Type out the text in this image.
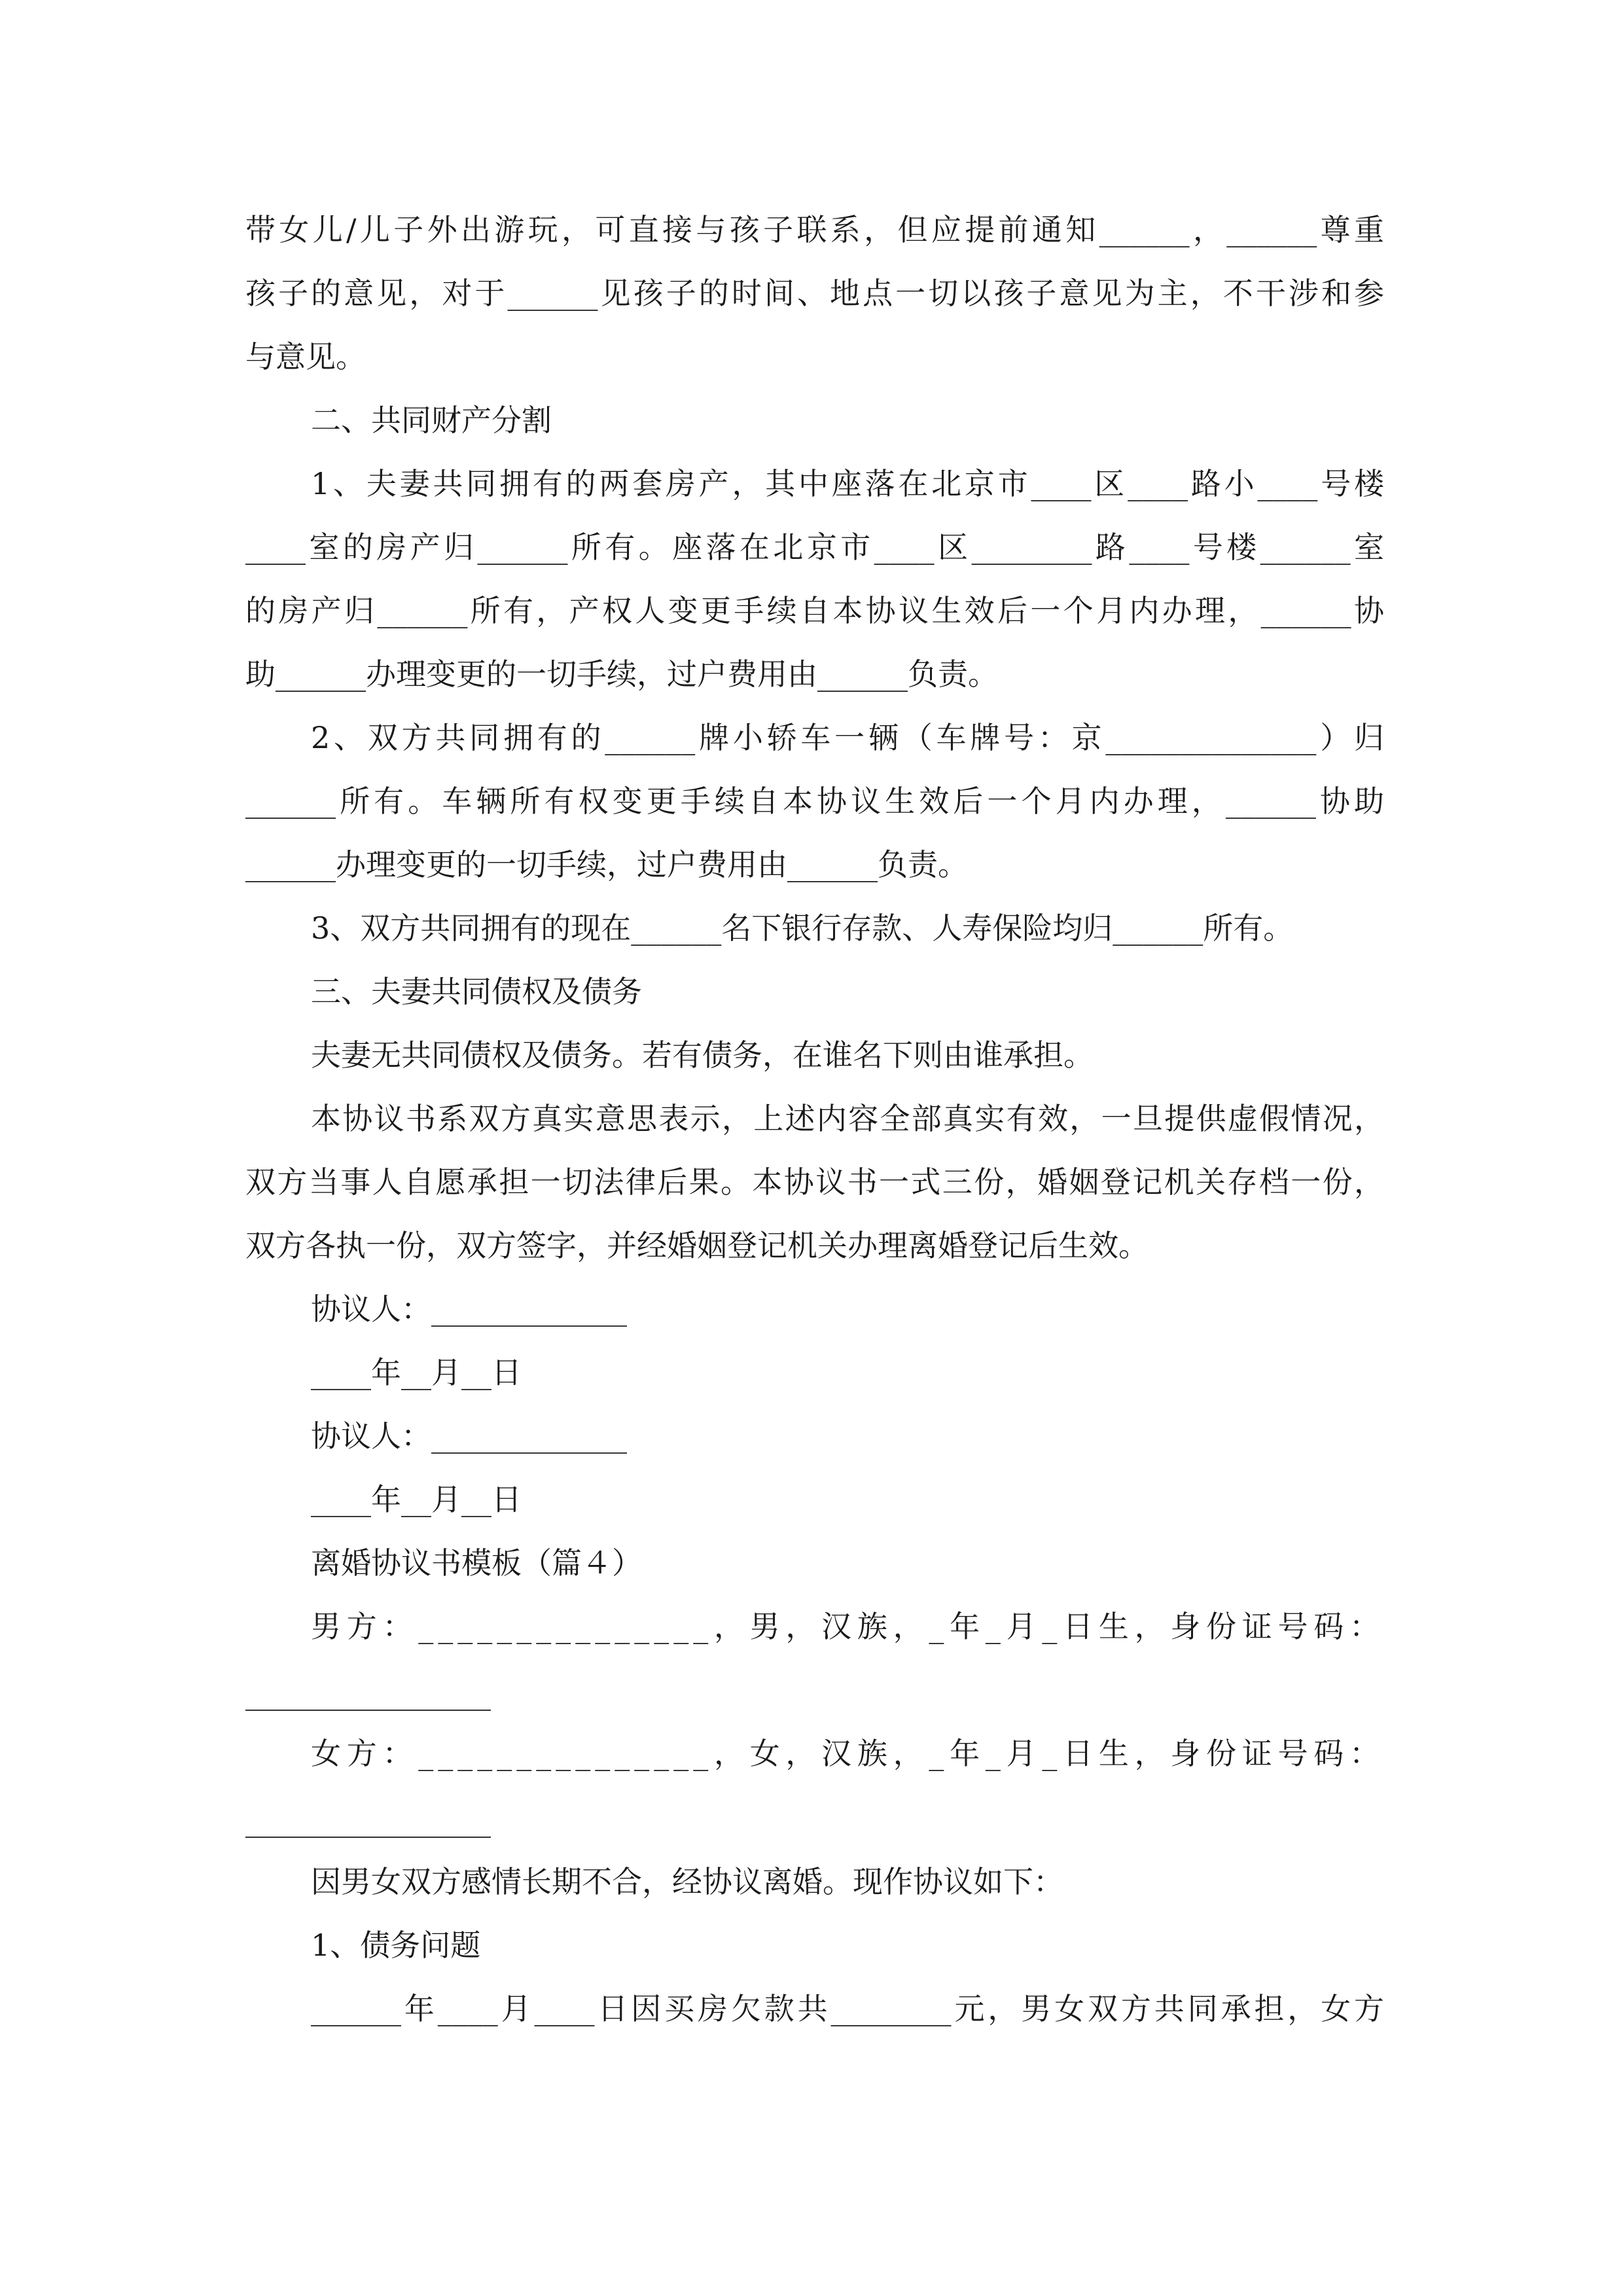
带女儿/儿子外出游玩，可直接与孩子联系，但应提前通知______，______尊重
孩子的意见，对于______见孩子的时间、地点一切以孩子意见为主，不干涉和参
与意见。
二、共同财产分割
1、夫妻共同拥有的两套房产，其中座落在北京市____区____路小____号楼
____室的房产归______所有。座落在北京市____区________路____号楼______室
的房产归______所有，产权人变更手续自本协议生效后一个月内办理，______协
助______办理变更的一切手续，过户费用由______负责。
2、双方共同拥有的______牌小轿车一辆（车牌号：京______________）归
______所有。车辆所有权变更手续自本协议生效后一个月内办理，______协助
______办理变更的一切手续，过户费用由______负责。
3、双方共同拥有的现在______名下银行存款、人寿保险均归______所有。
三、夫妻共同债权及债务
夫妻无共同债权及债务。若有债务，在谁名下则由谁承担。
本协议书系双方真实意思表示，上述内容全部真实有效，一旦提供虚假情况，
双方当事人自愿承担一切法律后果。本协议书一式三份，婚姻登记机关存档一份，
双方各执一份，双方签字，并经婚姻登记机关办理离婚登记后生效。
协议人：_____________
____年__月__日
协议人：_____________
____年__月__日
离婚协议书模板（篇４）
男方：_______________，男，汉族，_年_月_日生，身份证号码：
女方：_______________，女，汉族，_年_月_日生，身份证号码：
因男女双方感情长期不合，经协议离婚。现作协议如下：
1、债务问题
______年____月____日因买房欠款共________元，男女双方共同承担，女方
